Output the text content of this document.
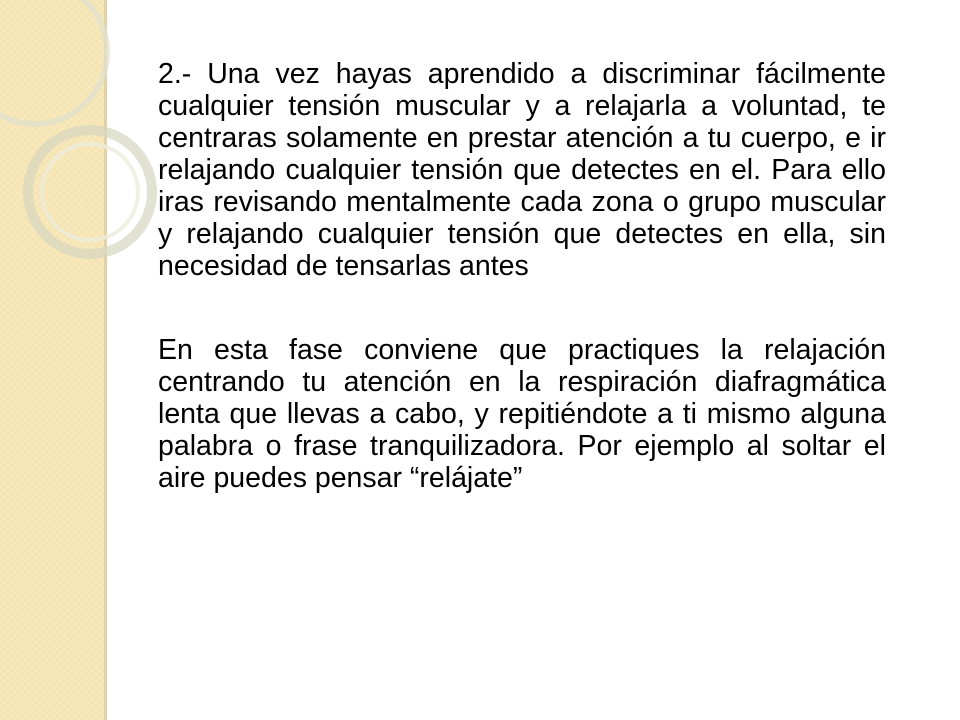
2.- Una vez hayas aprendido a discriminar fácilmente cualquier tensión muscular y a relajarla a voluntad, te centraras solamente en prestar atención a tu cuerpo, e ir relajando cualquier tensión que detectes en el. Para ello iras revisando mentalmente cada zona o grupo muscular y relajando cualquier tensión que detectes en ella, sin necesidad de tensarlas antes

En esta fase conviene que practiques la relajación centrando tu atención en la respiración diafragmática lenta que llevas a cabo, y repitiéndote a ti mismo alguna palabra o frase tranquilizadora. Por ejemplo al soltar el aire puedes pensar “relájate”
